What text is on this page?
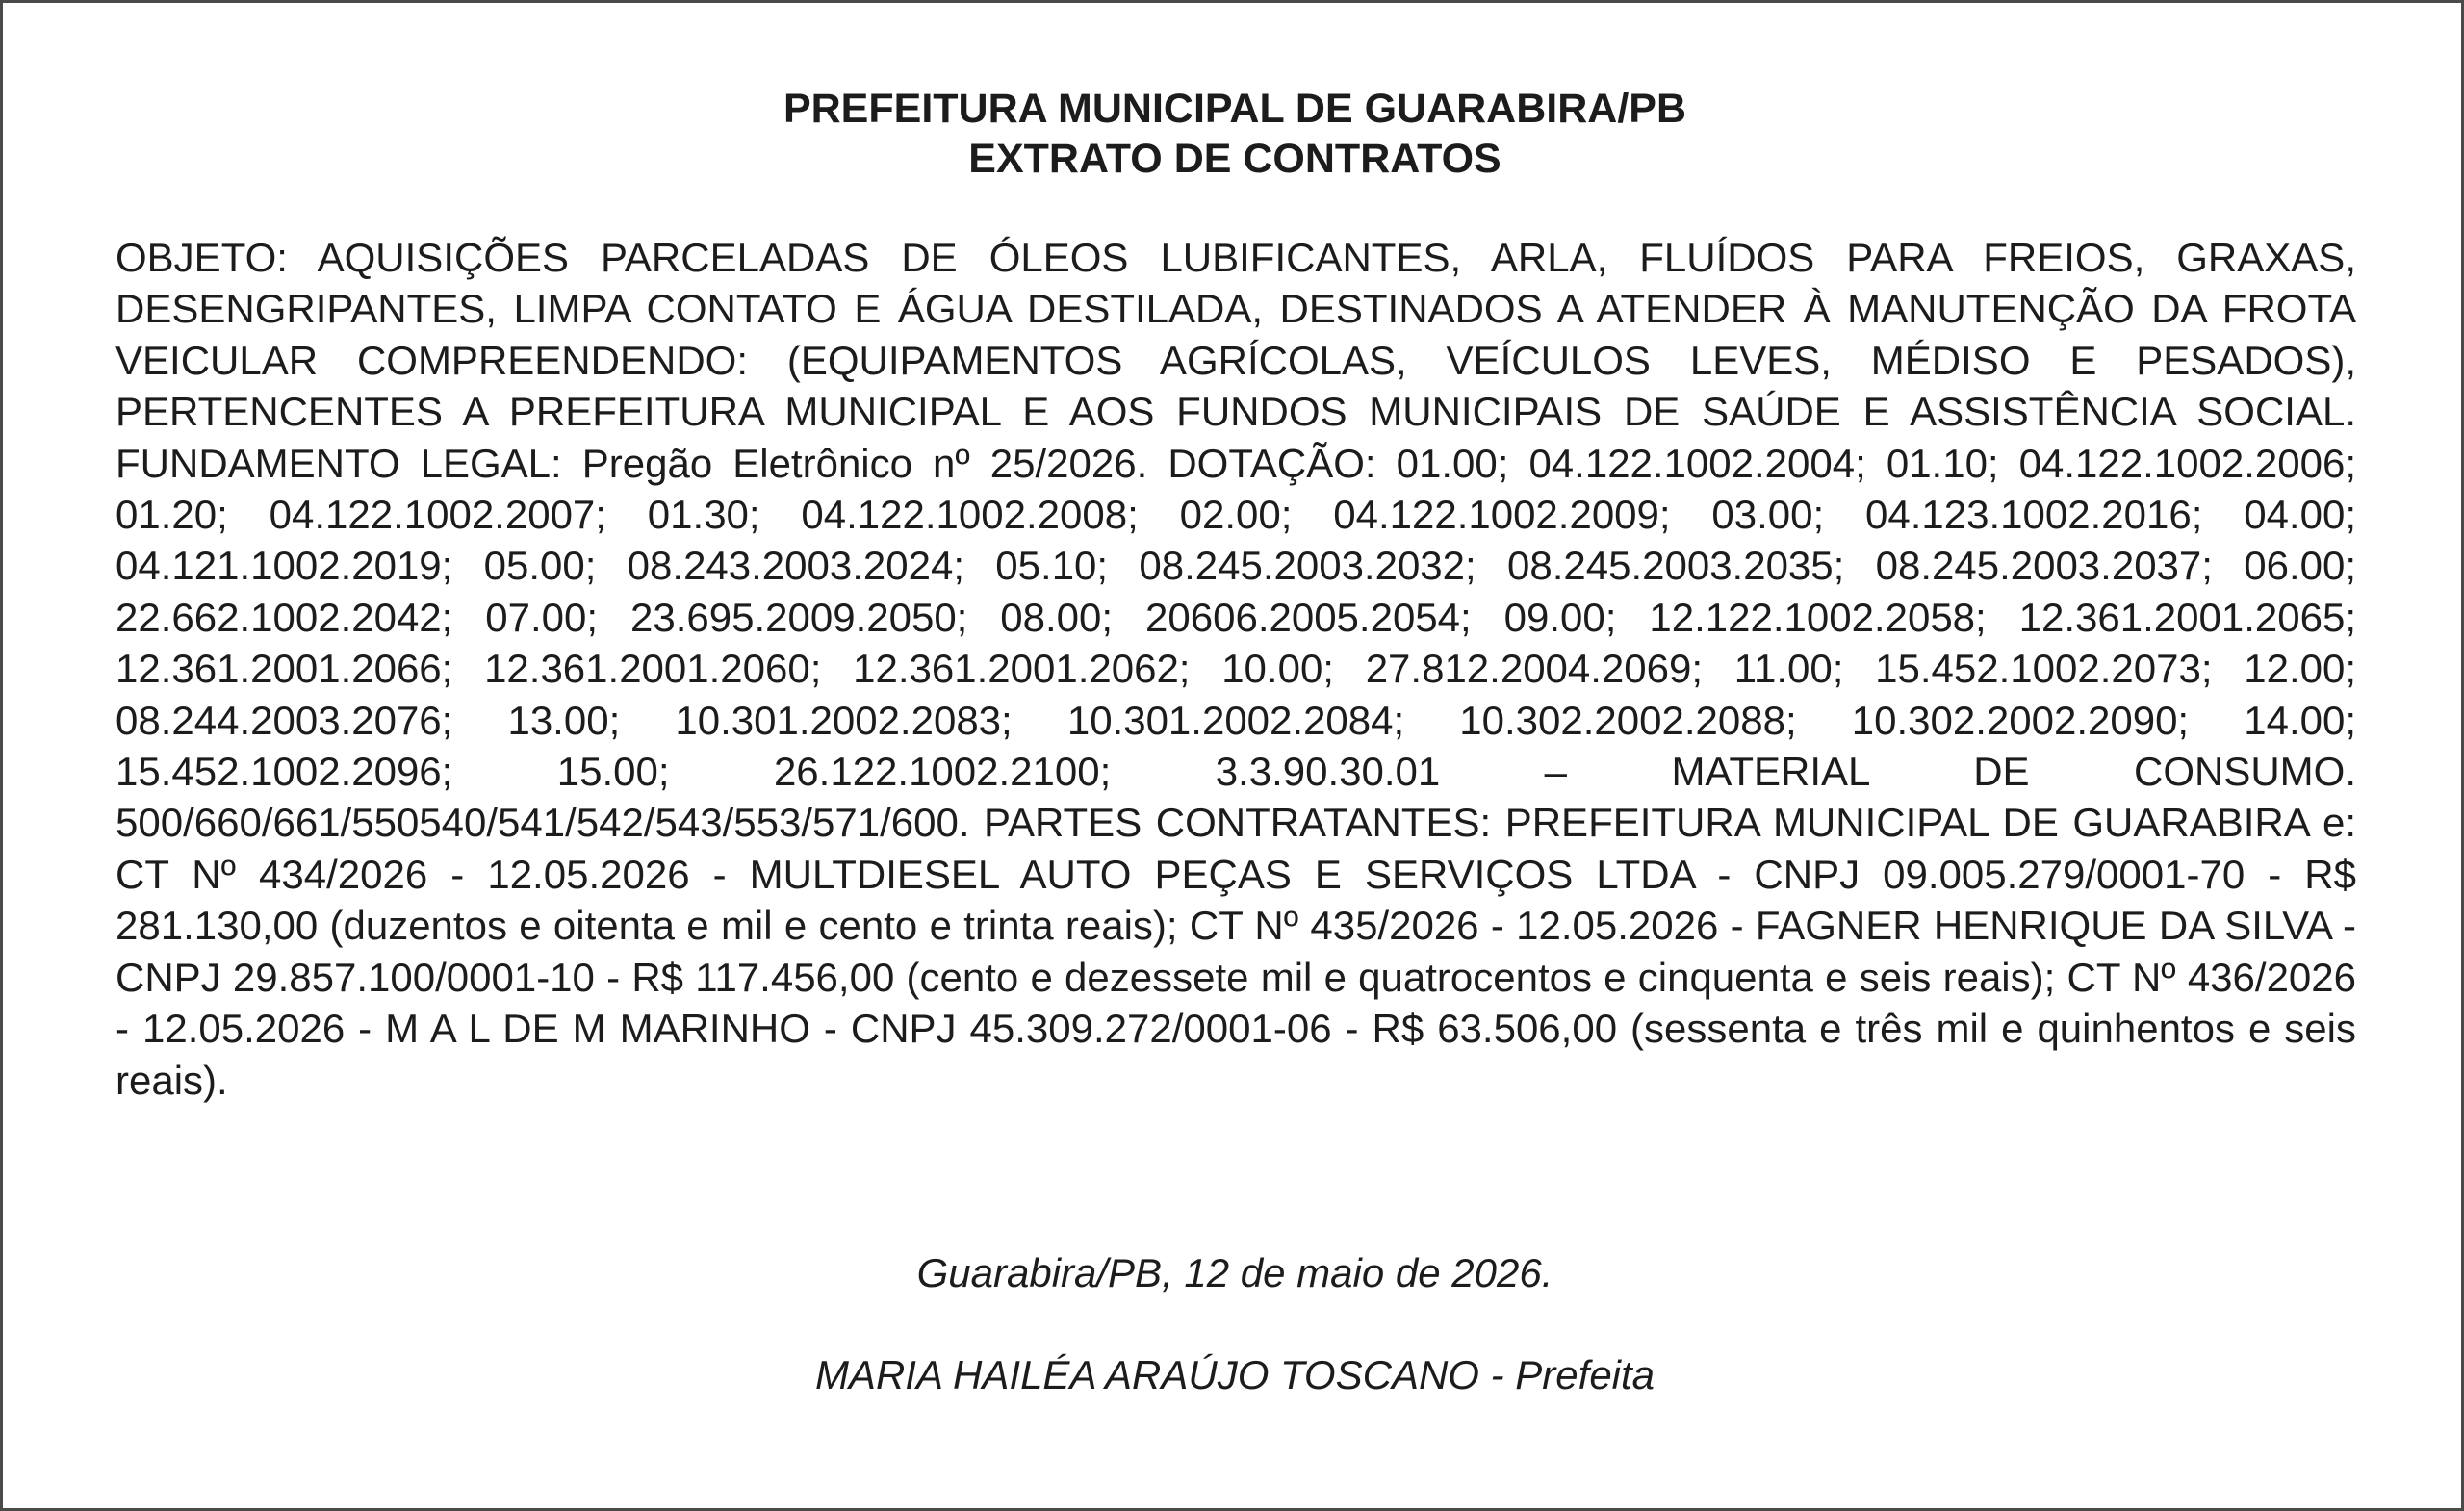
PREFEITURA MUNICIPAL DE GUARABIRA/PB
EXTRATO DE CONTRATOS

OBJETO: AQUISIÇÕES PARCELADAS DE ÓLEOS LUBIFICANTES, ARLA, FLUÍDOS PARA FREIOS, GRAXAS, DESENGRIPANTES, LIMPA CONTATO E ÁGUA DESTILADA, DESTINADOS A ATENDER À MANUTENÇÃO DA FROTA VEICULAR COMPREENDENDO: (EQUIPAMENTOS AGRÍCOLAS, VEÍCULOS LEVES, MÉDISO E PESADOS), PERTENCENTES A PREFEITURA MUNICIPAL E AOS FUNDOS MUNICIPAIS DE SAÚDE E ASSISTÊNCIA SOCIAL. FUNDAMENTO LEGAL: Pregão Eletrônico nº 25/2026. DOTAÇÃO: 01.00; 04.122.1002.2004; 01.10; 04.122.1002.2006; 01.20; 04.122.1002.2007; 01.30; 04.122.1002.2008; 02.00; 04.122.1002.2009; 03.00; 04.123.1002.2016; 04.00; 04.121.1002.2019; 05.00; 08.243.2003.2024; 05.10; 08.245.2003.2032; 08.245.2003.2035; 08.245.2003.2037; 06.00; 22.662.1002.2042; 07.00; 23.695.2009.2050; 08.00; 20606.2005.2054; 09.00; 12.122.1002.2058; 12.361.2001.2065; 12.361.2001.2066; 12.361.2001.2060; 12.361.2001.2062; 10.00; 27.812.2004.2069; 11.00; 15.452.1002.2073; 12.00; 08.244.2003.2076; 13.00; 10.301.2002.2083; 10.301.2002.2084; 10.302.2002.2088; 10.302.2002.2090; 14.00; 15.452.1002.2096; 15.00; 26.122.1002.2100; 3.3.90.30.01 – MATERIAL DE CONSUMO. 500/660/661/550540/541/542/543/553/571/600. PARTES CONTRATANTES: PREFEITURA MUNICIPAL DE GUARABIRA e: CT Nº 434/2026 - 12.05.2026 - MULTDIESEL AUTO PEÇAS E SERVIÇOS LTDA - CNPJ 09.005.279/0001-70 - R$ 281.130,00 (duzentos e oitenta e mil e cento e trinta reais); CT Nº 435/2026 - 12.05.2026 - FAGNER HENRIQUE DA SILVA - CNPJ 29.857.100/0001-10 - R$ 117.456,00 (cento e dezessete mil e quatrocentos e cinquenta e seis reais); CT Nº 436/2026 - 12.05.2026 - M A L DE M MARINHO - CNPJ 45.309.272/0001-06 - R$ 63.506,00 (sessenta e três mil e quinhentos e seis reais).

Guarabira/PB, 12 de maio de 2026.
MARIA HAILÉA ARAÚJO TOSCANO - Prefeita
